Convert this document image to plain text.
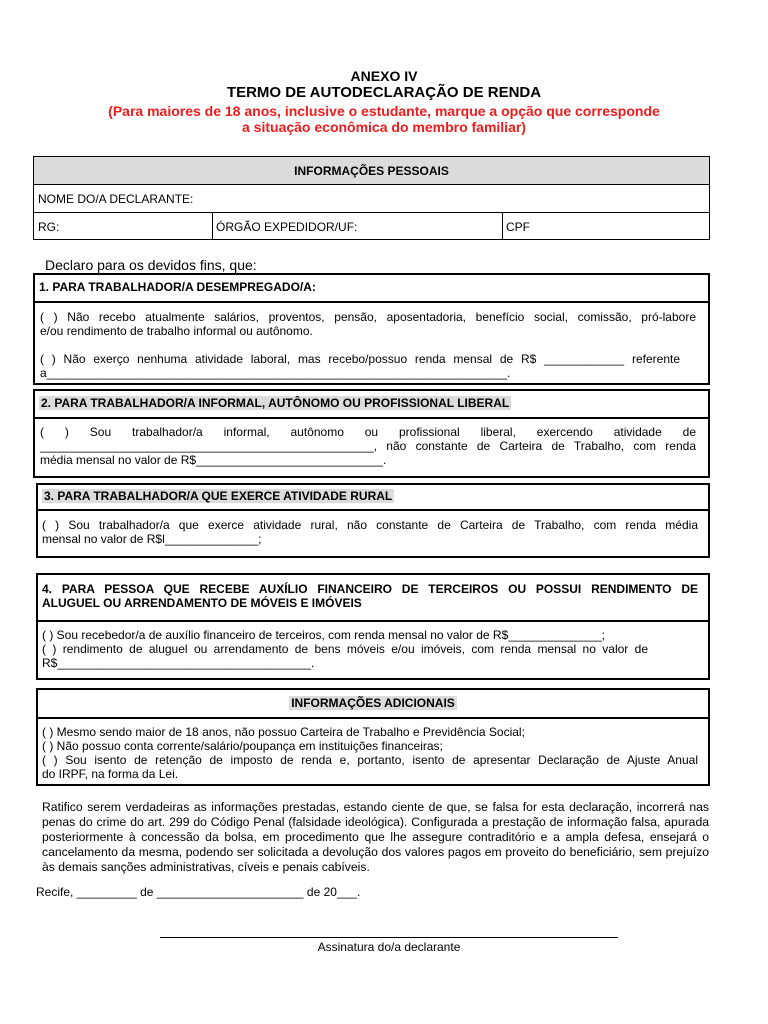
ANEXO IV
TERMO DE AUTODECLARAÇÃO DE RENDA
(Para maiores de 18 anos, inclusive o estudante, marque a opção que corresponde
a situação econômica do membro familiar)
INFORMAÇÕES PESSOAIS
NOME DO/A DECLARANTE:
RG:	ÓRGÃO EXPEDIDOR/UF:	CPF
Declaro para os devidos fins, que:
1. PARA TRABALHADOR/A DESEMPREGADO/A:
( ) Não recebo atualmente salários, proventos, pensão, aposentadoria, benefício social, comissão, pró-labore
e/ou rendimento de trabalho informal ou autônomo.
( ) Não exerço nenhuma atividade laboral, mas recebo/possuo renda mensal de R$ ____________ referente
a_____________________________________________________________________.
2. PARA TRABALHADOR/A INFORMAL, AUTÔNOMO OU PROFISSIONAL LIBERAL
( ) Sou trabalhador/a informal, autônomo ou profissional liberal, exercendo atividade de
__________________________________________________, não constante de Carteira de Trabalho, com renda
média mensal no valor de R$____________________________.
3. PARA TRABALHADOR/A QUE EXERCE ATIVIDADE RURAL
( ) Sou trabalhador/a que exerce atividade rural, não constante de Carteira de Trabalho, com renda média
mensal no valor de R$l______________;
4. PARA PESSOA QUE RECEBE AUXÍLIO FINANCEIRO DE TERCEIROS OU POSSUI RENDIMENTO DE
ALUGUEL OU ARRENDAMENTO DE MÓVEIS E IMÓVEIS
( ) Sou recebedor/a de auxílio financeiro de terceiros, com renda mensal no valor de R$______________;
( ) rendimento de aluguel ou arrendamento de bens móveis e/ou imóveis, com renda mensal no valor de
R$______________________________________.
INFORMAÇÕES ADICIONAIS
( ) Mesmo sendo maior de 18 anos, não possuo Carteira de Trabalho e Previdência Social;
( ) Não possuo conta corrente/salário/poupança em instituições financeiras;
( ) Sou isento de retenção de imposto de renda e, portanto, isento de apresentar Declaração de Ajuste Anual
do IRPF, na forma da Lei.
Ratifico serem verdadeiras as informações prestadas, estando ciente de que, se falsa for esta declaração, incorrerá nas penas do crime do art. 299 do Código Penal (falsidade ideológica). Configurada a prestação de informação falsa, apurada posteriormente à concessão da bolsa, em procedimento que lhe assegure contraditório e a ampla defesa, ensejará o cancelamento da mesma, podendo ser solicitada a devolução dos valores pagos em proveito do beneficiário, sem prejuízo às demais sanções administrativas, cíveis e penais cabíveis.
Recife, _________ de ______________________ de 20___.
Assinatura do/a declarante
